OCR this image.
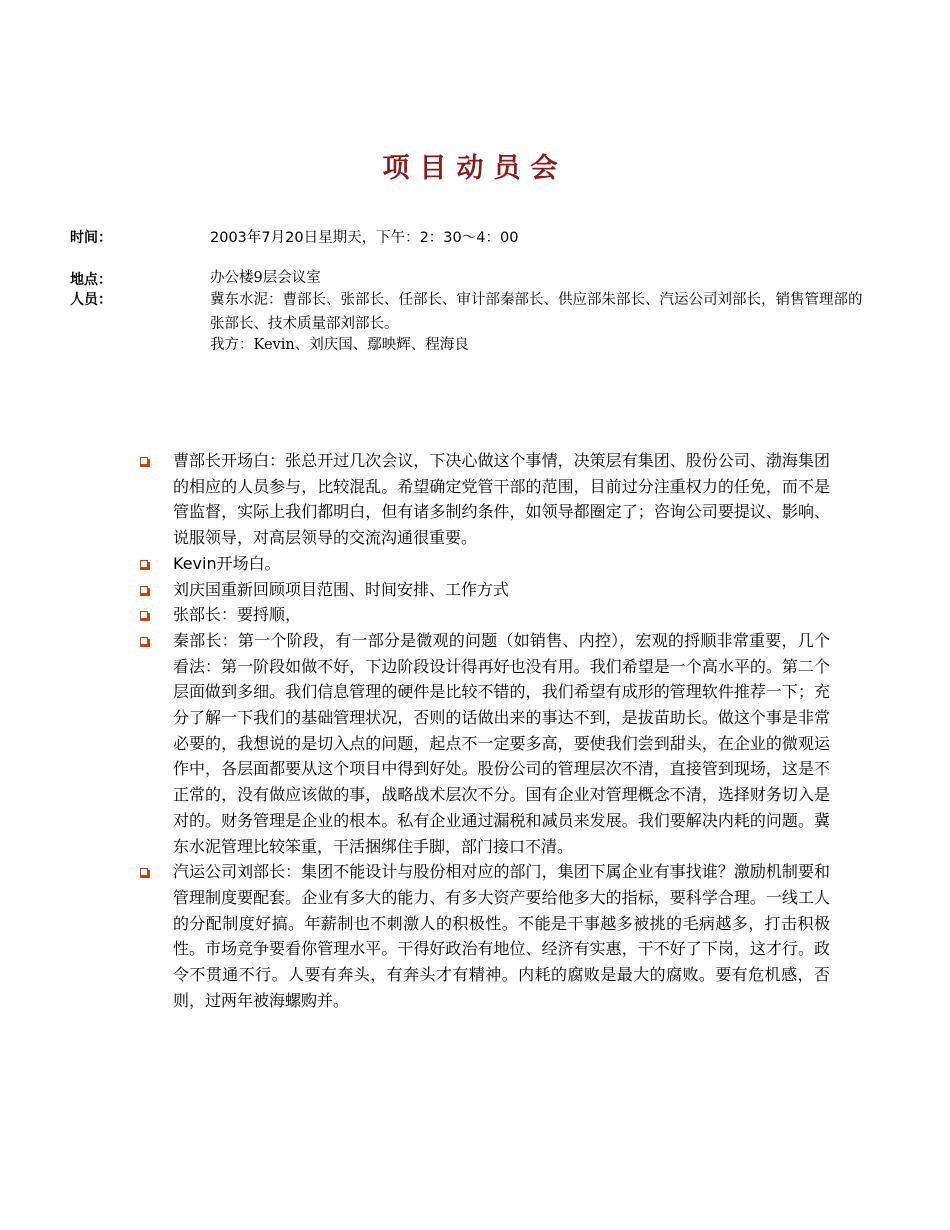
项目动员会
时间：	2003年7月20日星期天，下午：2：30～4：00
地点：	办公楼9层会议室
人员：	冀东水泥：曹部长、张部长、任部长、审计部秦部长、供应部朱部长、汽运公司刘部长，销售管理部的张部长、技术质量部刘部长。
我方：Kevin、刘庆国、鄢映辉、程海良
曹部长开场白：张总开过几次会议，下决心做这个事情，决策层有集团、股份公司、渤海集团的相应的人员参与，比较混乱。希望确定党管干部的范围，目前过分注重权力的任免，而不是管监督，实际上我们都明白，但有诸多制约条件，如领导都圈定了；咨询公司要提议、影响、说服领导，对高层领导的交流沟通很重要。
Kevin开场白。
刘庆国重新回顾项目范围、时间安排、工作方式
张部长：要捋顺，
秦部长：第一个阶段，有一部分是微观的问题（如销售、内控），宏观的捋顺非常重要，几个看法：第一阶段如做不好，下边阶段设计得再好也没有用。我们希望是一个高水平的。第二个层面做到多细。我们信息管理的硬件是比较不错的，我们希望有成形的管理软件推荐一下；充分了解一下我们的基础管理状况，否则的话做出来的事达不到，是拔苗助长。做这个事是非常必要的，我想说的是切入点的问题，起点不一定要多高，要使我们尝到甜头，在企业的微观运作中，各层面都要从这个项目中得到好处。股份公司的管理层次不清，直接管到现场，这是不正常的，没有做应该做的事，战略战术层次不分。国有企业对管理概念不清，选择财务切入是对的。财务管理是企业的根本。私有企业通过漏税和减员来发展。我们要解决内耗的问题。冀东水泥管理比较笨重，干活捆绑住手脚，部门接口不清。
汽运公司刘部长：集团不能设计与股份相对应的部门，集团下属企业有事找谁？激励机制要和管理制度要配套。企业有多大的能力、有多大资产要给他多大的指标，要科学合理。一线工人的分配制度好搞。年薪制也不刺激人的积极性。不能是干事越多被挑的毛病越多，打击积极性。市场竞争要看你管理水平。干得好政治有地位、经济有实惠，干不好了下岗，这才行。政令不贯通不行。人要有奔头，有奔头才有精神。内耗的腐败是最大的腐败。要有危机感，否则，过两年被海螺购并。
